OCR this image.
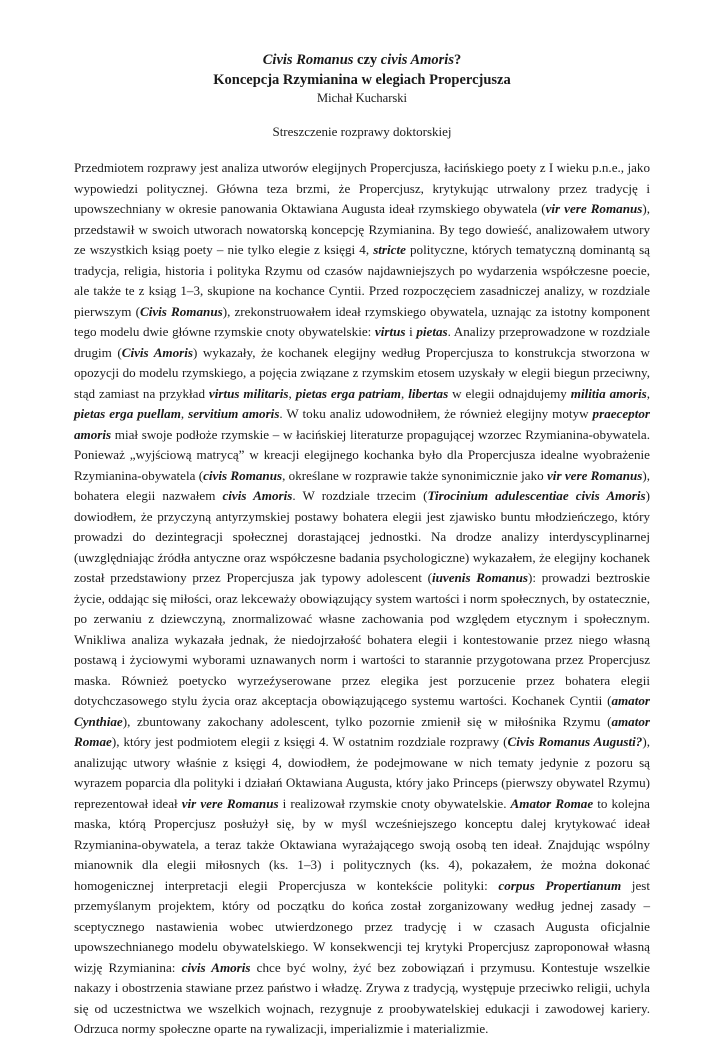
Civis Romanus czy civis Amoris?

Koncepcja Rzymianina w elegiach Propercjusza

Michał Kucharski

Streszczenie rozprawy doktorskiej

Przedmiotem rozprawy jest analiza utworów elegijnych Propercjusza, łacińskiego poety z I wieku p.n.e., jako wypowiedzi politycznej. Główna teza brzmi, że Propercjusz, krytykując utrwalony przez tradycję i upowszechniany w okresie panowania Oktawiana Augusta ideał rzymskiego obywatela (vir vere Romanus), przedstawił w swoich utworach nowatorską koncepcję Rzymianina. By tego dowieść, analizowałem utwory ze wszystkich ksiąg poety – nie tylko elegie z księgi 4, stricte polityczne, których tematyczną dominantą są tradycja, religia, historia i polityka Rzymu od czasów najdawniejszych po wydarzenia współczesne poecie, ale także te z ksiąg 1–3, skupione na kochance Cyntii. Przed rozpoczęciem zasadniczej analizy, w rozdziale pierwszym (Civis Romanus), zrekonstruowałem ideał rzymskiego obywatela, uznając za istotny komponent tego modelu dwie główne rzymskie cnoty obywatelskie: virtus i pietas. Analizy przeprowadzone w rozdziale drugim (Civis Amoris) wykazały, że kochanek elegijny według Propercjusza to konstrukcja stworzona w opozycji do modelu rzymskiego, a pojęcia związane z rzymskim etosem uzyskały w elegii biegun przeciwny, stąd zamiast na przykład virtus militaris, pietas erga patriam, libertas w elegii odnajdujemy militia amoris, pietas erga puellam, servitium amoris. W toku analiz udowodniłem, że również elegijny motyw praeceptor amoris miał swoje podłoże rzymskie – w łacińskiej literaturze propagującej wzorzec Rzymianina-obywatela. Ponieważ „wyjściową matrycą” w kreacji elegijnego kochanka było dla Propercjusza idealne wyobrażenie Rzymianina-obywatela (civis Romanus, określane w rozprawie także synonimicznie jako vir vere Romanus), bohatera elegii nazwałem civis Amoris. W rozdziale trzecim (Tirocinium adulescentiae civis Amoris) dowiodłem, że przyczyną antyrzymskiej postawy bohatera elegii jest zjawisko buntu młodzieńczego, który prowadzi do dezintegracji społecznej dorastającej jednostki. Na drodze analizy interdyscyplinarnej (uwzględniając źródła antyczne oraz współczesne badania psychologiczne) wykazałem, że elegijny kochanek został przedstawiony przez Propercjusza jak typowy adolescent (iuvenis Romanus): prowadzi beztroskie życie, oddając się miłości, oraz lekceważy obowiązujący system wartości i norm społecznych, by ostatecznie, po zerwaniu z dziewczyną, znormalizować własne zachowania pod względem etycznym i społecznym. Wnikliwa analiza wykazała jednak, że niedojrzałość bohatera elegii i kontestowanie przez niego własną postawą i życiowymi wyborami uznawanych norm i wartości to starannie przygotowana przez Propercjusz maska. Również poetycko wyrzeźyserowane przez elegika jest porzucenie przez bohatera elegii dotychczasowego stylu życia oraz akceptacja obowiązującego systemu wartości. Kochanek Cyntii (amator Cynthiae), zbuntowany zakochany adolescent, tylko pozornie zmienił się w miłośnika Rzymu (amator Romae), który jest podmiotem elegii z księgi 4. W ostatnim rozdziale rozprawy (Civis Romanus Augusti?), analizując utwory właśnie z księgi 4, dowiodłem, że podejmowane w nich tematy jedynie z pozoru są wyrazem poparcia dla polityki i działań Oktawiana Augusta, który jako Princeps (pierwszy obywatel Rzymu) reprezentował ideał vir vere Romanus i realizował rzymskie cnoty obywatelskie. Amator Romae to kolejna maska, którą Propercjusz posłużył się, by w myśl wcześniejszego konceptu dalej krytykować ideał Rzymianina-obywatela, a teraz także Oktawiana wyrażającego swoją osobą ten ideał. Znajdując wspólny mianownik dla elegii miłosnych (ks. 1–3) i politycznych (ks. 4), pokazałem, że można dokonać homogenicznej interpretacji elegii Propercjusza w kontekście polityki: corpus Propertianum jest przemyślanym projektem, który od początku do końca został zorganizowany według jednej zasady – sceptycznego nastawienia wobec utwierdzonego przez tradycję i w czasach Augusta oficjalnie upowszechnianego modelu obywatelskiego. W konsekwencji tej krytyki Propercjusz zaproponował własną wizję Rzymianina: civis Amoris chce być wolny, żyć bez zobowiązań i przymusu. Kontestuje wszelkie nakazy i obostrzenia stawiane przez państwo i władzę. Zrywa z tradycją, występuje przeciwko religii, uchyla się od uczestnictwa we wszelkich wojnach, rezygnuje z proobywatelskiej edukacji i zawodowej kariery. Odrzuca normy społeczne oparte na rywalizacji, imperializmie i materializmie.
